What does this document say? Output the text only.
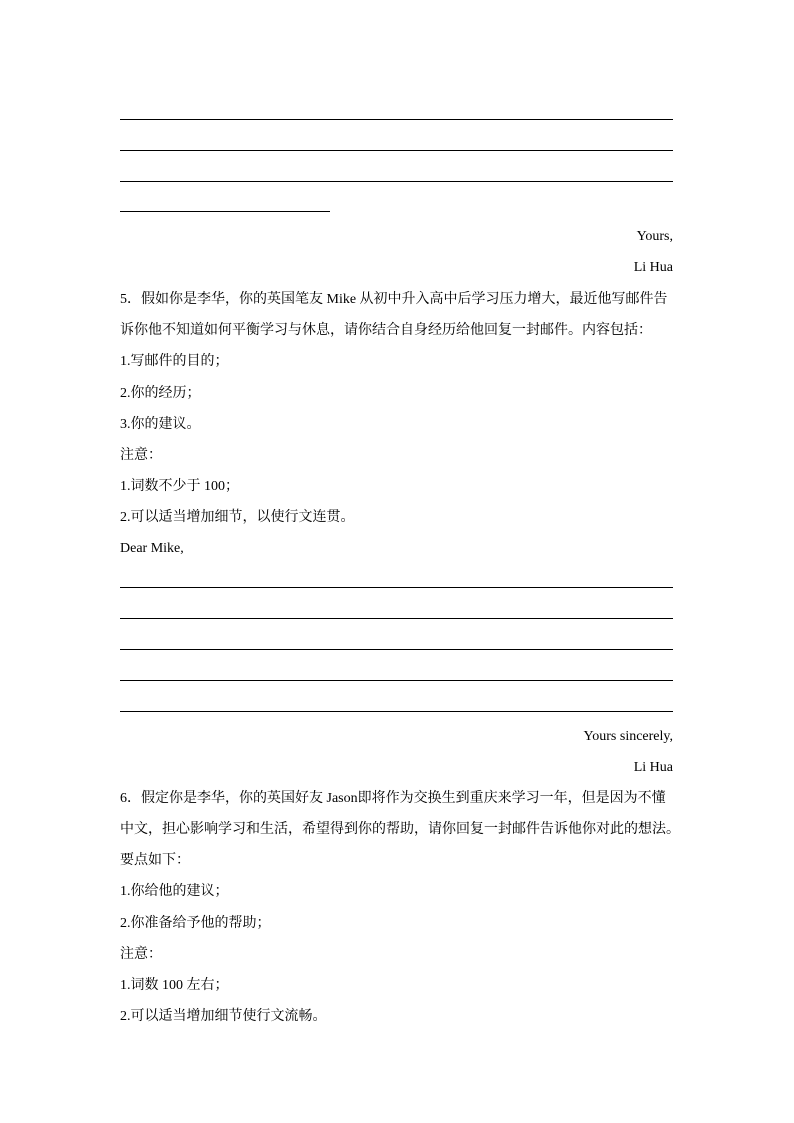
Yours,
Li Hua
5．假如你是李华，你的英国笔友 Mike 从初中升入高中后学习压力增大，最近他写邮件告
诉你他不知道如何平衡学习与休息，请你结合自身经历给他回复一封邮件。内容包括：
1.写邮件的目的；
2.你的经历；
3.你的建议。
注意：
1.词数不少于 100；
2.可以适当增加细节，以使行文连贯。
Dear Mike,
Yours sincerely,
Li Hua
6．假定你是李华，你的英国好友 Jason即将作为交换生到重庆来学习一年，但是因为不懂
中文，担心影响学习和生活，希望得到你的帮助，请你回复一封邮件告诉他你对此的想法。
要点如下：
1.你给他的建议；
2.你准备给予他的帮助；
注意：
1.词数 100 左右；
2.可以适当增加细节使行文流畅。
